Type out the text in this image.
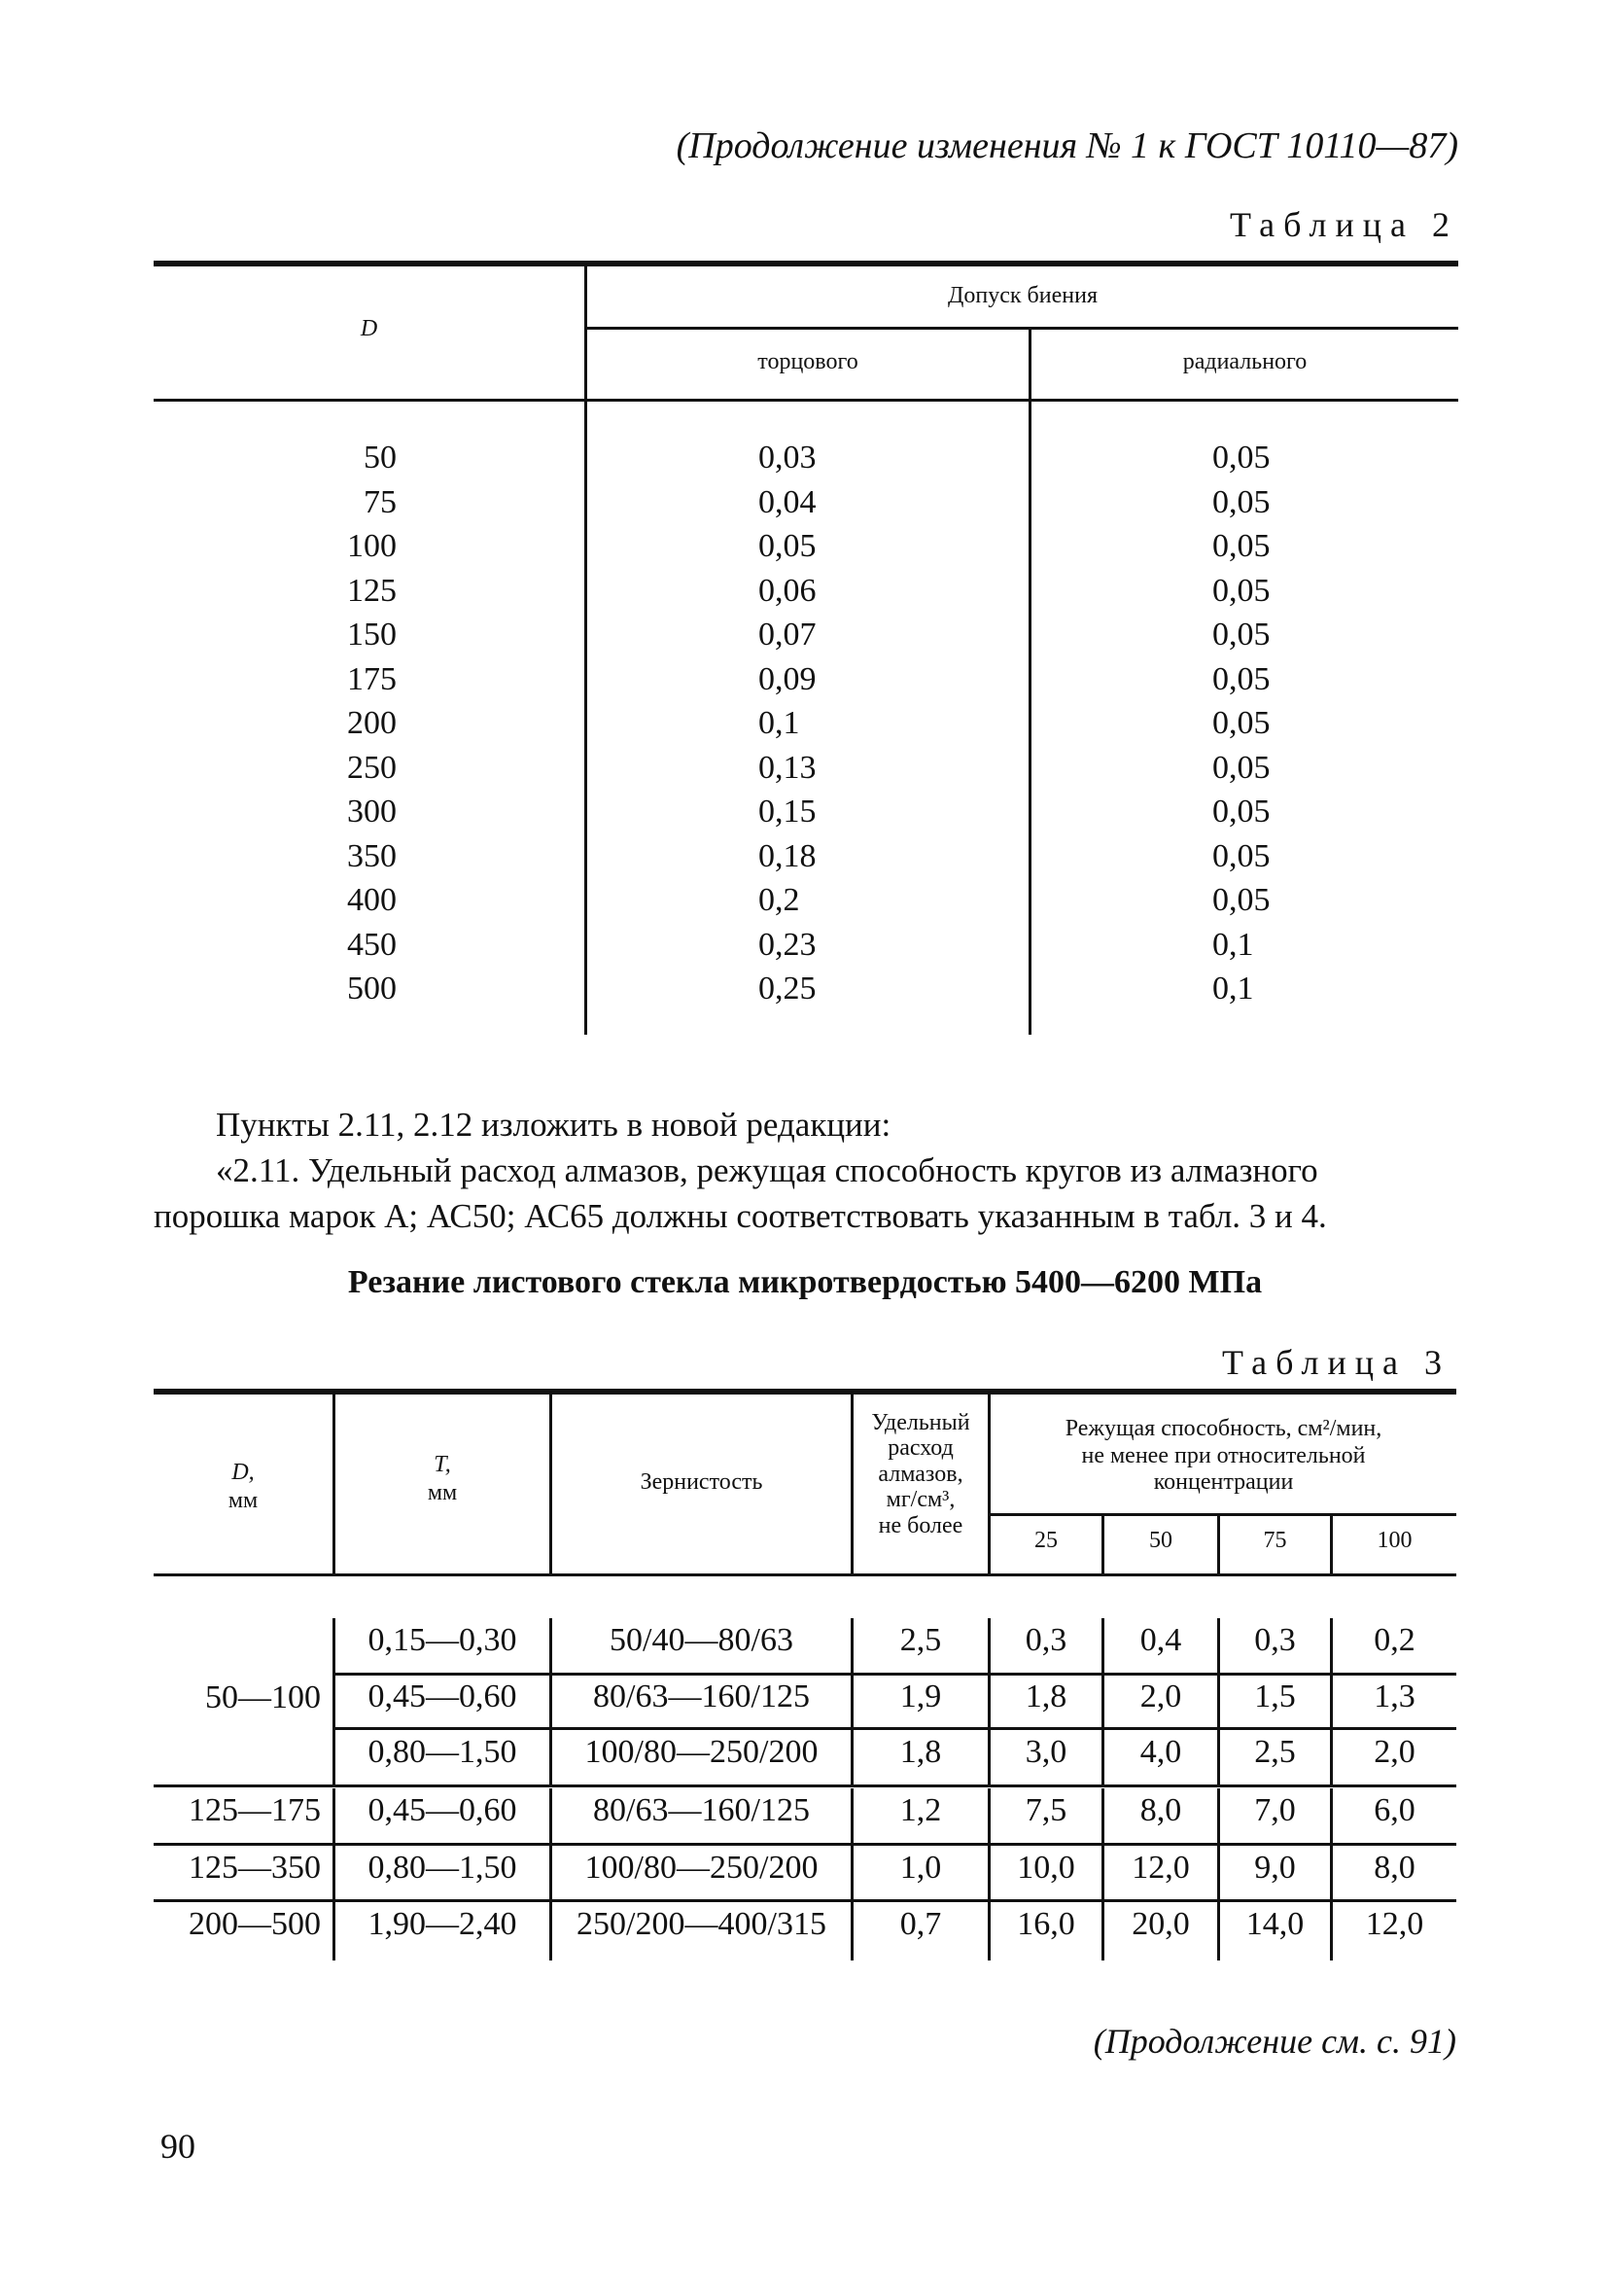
(Продолжение изменения № 1 к ГОСТ 10110—87)
Таблица 2
D
Допуск биения
торцового	радиального
50	0,03	0,05
75	0,04	0,05
100	0,05	0,05
125	0,06	0,05
150	0,07	0,05
175	0,09	0,05
200	0,1	0,05
250	0,13	0,05
300	0,15	0,05
350	0,18	0,05
400	0,2	0,05
450	0,23	0,1
500	0,25	0,1
Пункты 2.11, 2.12 изложить в новой редакции:
«2.11. Удельный расход алмазов, режущая способность кругов из алмазного
порошка марок А; АС50; АС65 должны соответствовать указанным в табл. 3 и 4.
Резание листового стекла микротвердостью 5400—6200 МПа
Таблица 3
D,
мм
T,
мм	Зернистость
Удельный
расход
алмазов,
мг/см³,
не более
Режущая способность, см²/мин,
не менее при относительной
концентрации
25	50	75	100
50—100
0,15—0,30	50/40—80/63	2,5	0,3	0,4	0,3	0,2
0,45—0,60	80/63—160/125	1,9	1,8	2,0	1,5	1,3
0,80—1,50	100/80—250/200	1,8	3,0	4,0	2,5	2,0
125—175	0,45—0,60	80/63—160/125	1,2	7,5	8,0	7,0	6,0
125—350	0,80—1,50	100/80—250/200	1,0	10,0	12,0	9,0	8,0
200—500	1,90—2,40	250/200—400/315	0,7	16,0	20,0	14,0	12,0
(Продолжение см. с. 91)
90
